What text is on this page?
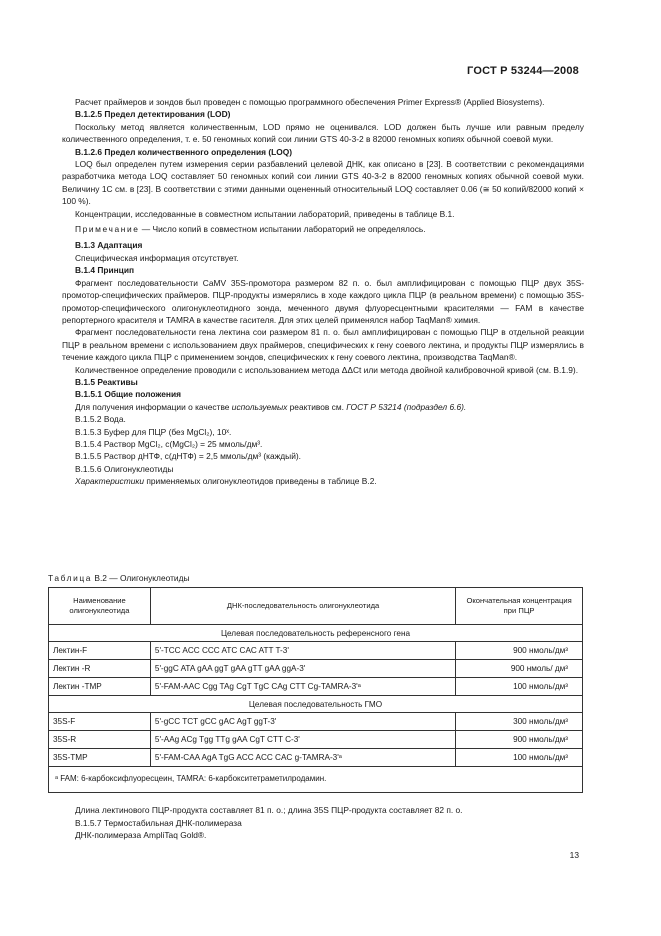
ГОСТ Р 53244—2008

Расчет праймеров и зондов был проведен с помощью программного обеспечения Primer Express® (Applied Biosystems).

В.1.2.5 Предел детектирования (LOD)

Поскольку метод является количественным, LOD прямо не оценивался. LOD должен быть лучше или равным пределу количественного определения, т. е. 50 геномных копий сои линии GTS 40-3-2 в 82000 геномных копиях обычной соевой муки.

В.1.2.6 Предел количественного определения (LOQ)

LOQ был определен путем измерения серии разбавлений целевой ДНК, как описано в [23]. В соответствии с рекомендациями разработчика метода LOQ составляет 50 геномных копий сои линии GTS 40-3-2 в 82000 геномных копиях обычной соевой муки. Величину 1С см. в [23]. В соответствии с этими данными оцененный относительный LOQ составляет 0.06 (≅ 50 копий/82000 копий × 100 %).

Концентрации, исследованные в совместном испытании лабораторий, приведены в таблице В.1.

Примечание — Число копий в совместном испытании лабораторий не определялось.

В.1.3 Адаптация

Специфическая информация отсутствует.

В.1.4 Принцип

Фрагмент последовательности CaMV 35S-промотора размером 82 п. о. был амплифицирован с помощью ПЦР двух 35S-промотор-специфических праймеров. ПЦР-продукты измерялись в ходе каждого цикла ПЦР (в реальном времени) с помощью 35S-промотор-специфического олигонуклеотидного зонда, меченного двумя флуоресцентными красителями — FAM в качестве репортерного красителя и TAMRA в качестве гасителя. Для этих целей применялся набор TaqMan® химия.

Фрагмент последовательности гена лектина сои размером 81 п. о. был амплифицирован с помощью ПЦР в отдельной реакции ПЦР в реальном времени с использованием двух праймеров, специфических к гену соевого лектина, и продукты ПЦР измерялись в течение каждого цикла ПЦР с применением зондов, специфических к гену соевого лектина, производства TaqMan®.

Количественное определение проводили с использованием метода ΔΔCt или метода двойной калибровочной кривой (см. В.1.9).

В.1.5 Реактивы

В.1.5.1 Общие положения

Для получения информации о качестве используемых реактивов см. ГОСТ Р 53214 (подраздел 6.6).

В.1.5.2 Вода.

В.1.5.3 Буфер для ПЦР (без MgCl₂), 10ˣ.

В.1.5.4 Раствор MgCl₂, c(MgCl₂) = 25 ммоль/дм³.

В.1.5.5 Раствор дНТФ, c(дНТФ) = 2,5 ммоль/дм³ (каждый).

В.1.5.6 Олигонуклеотиды

Характеристики применяемых олигонуклеотидов приведены в таблице В.2.

Таблица В.2 — Олигонуклеотиды
Наименование олигонуклеотида	ДНК-последовательность олигонуклеотида	Окончательная концентрация при ПЦР
Целевая последовательность референсного гена		
Лектин-F	5'-TCC ACC CCC ATC CAC ATT T-3'	900 нмоль/дм³
Лектин -R	5'-ggC ATA gAA ggT gAA gTT gAA ggA-3'	900 нмоль/ дм³
Лектин -TMP	5'-FAM-AAC Cgg TAg CgT TgC CAg CTT Cg-TAMRA-3'ᵃ	100 нмоль/дм³
Целевая последовательность ГМО		
35S-F	5'-gCC TCT gCC gAC AgT ggT-3'	300 нмоль/дм³
35S-R	5'-AAg ACg Tgg TTg gAA CgT CTT C-3'	900 нмоль/дм³
35S-TMP	5'-FAM-CAA AgA TgG ACC ACC CAC g-TAMRA-3'ᵃ	100 нмоль/дм³
ᵃ FAM: 6-карбоксифлуоресцеин, TAMRA: 6-карбокситетраметилродамин.		

Длина лектинового ПЦР-продукта составляет 81 п. о.; длина 35S ПЦР-продукта составляет 82 п. о.

В.1.5.7 Термостабильная ДНК-полимераза

ДНК-полимераза AmpliTaq Gold®.

13
